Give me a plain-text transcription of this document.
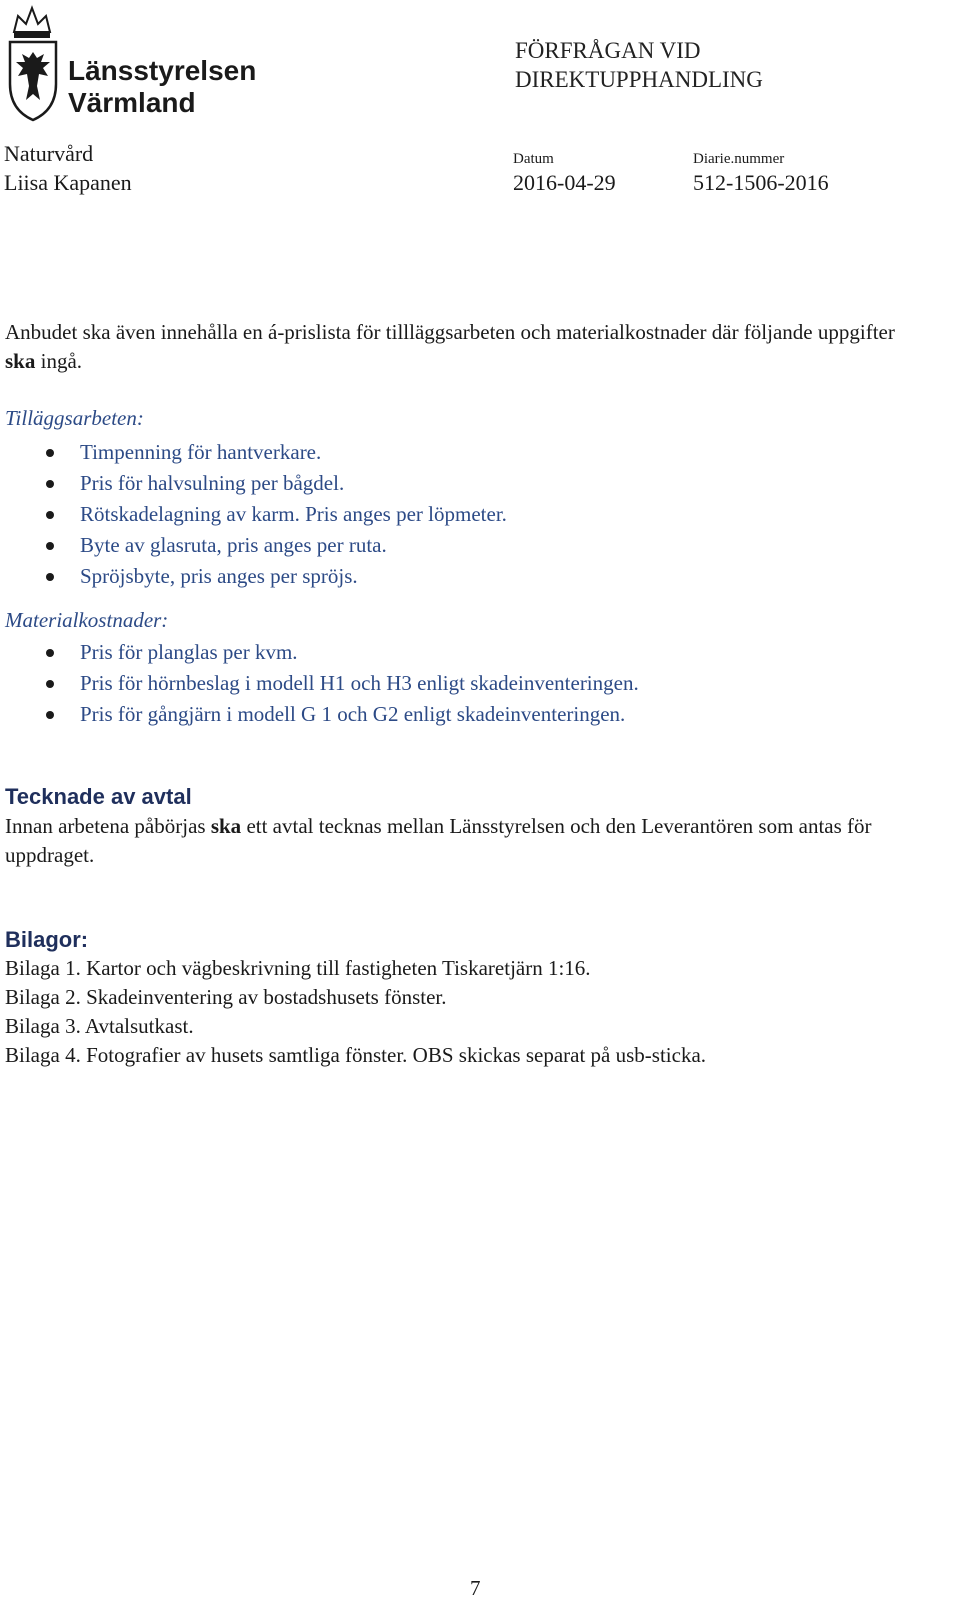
Länsstyrelsen
Värmland
FÖRFRÅGAN VID
DIREKTUPPHANDLING
Naturvård
Liisa Kapanen
Datum
2016-04-29
Diarie.nummer
512-1506-2016
Anbudet ska även innehålla en á-prislista för tillläggsarbeten och materialkostnader där följande uppgifter ska ingå.
Tilläggsarbeten:
Timpenning för hantverkare.
Pris för halvsulning per bågdel.
Rötskadelagning av karm. Pris anges per löpmeter.
Byte av glasruta, pris anges per ruta.
Spröjsbyte, pris anges per spröjs.
Materialkostnader:
Pris för planglas per kvm.
Pris för hörnbeslag i modell H1 och H3 enligt skadeinventeringen.
Pris för gångjärn i modell G 1 och G2 enligt skadeinventeringen.
Tecknade av avtal
Innan arbetena påbörjas ska ett avtal tecknas mellan Länsstyrelsen och den Leverantören som antas för uppdraget.
Bilagor:
Bilaga 1. Kartor och vägbeskrivning till fastigheten Tiskaretjärn 1:16.
Bilaga 2. Skadeinventering av bostadshusets fönster.
Bilaga 3. Avtalsutkast.
Bilaga 4. Fotografier av husets samtliga fönster. OBS skickas separat på usb-sticka.
7
